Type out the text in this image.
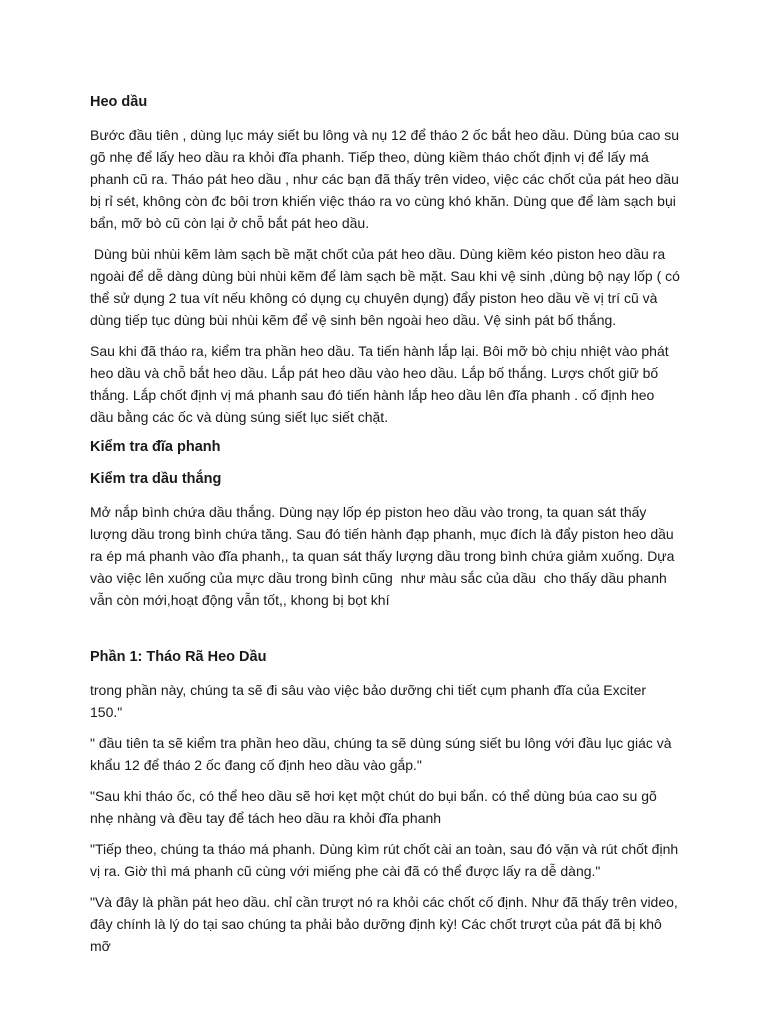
Heo dầu

Bước đầu tiên , dùng lục máy siết bu lông và nụ 12 để tháo 2 ốc bắt heo dầu. Dùng búa cao su gõ nhẹ để lấy heo dầu ra khỏi đĩa phanh. Tiếp theo, dùng kiềm tháo chốt định vị để lấy má phanh cũ ra. Tháo pát heo dầu , như các bạn đã thấy trên video, việc các chốt của pát heo dầu bị rỉ sét, không còn đc bôi trơn khiến việc tháo ra vo cùng khó khăn. Dùng que để làm sạch bụi bẩn, mỡ bò cũ còn lại ở chỗ bắt pát heo dầu.

Dùng bùi nhùi kẽm làm sạch bề mặt chốt của pát heo dầu. Dùng kiềm kéo piston heo dầu ra ngoài để dễ dàng dùng bùi nhùi kẽm để làm sạch bề mặt. Sau khi vệ sinh ,dùng bộ nạy lốp ( có thể sử dụng 2 tua vít nếu không có dụng cụ chuyên dụng) đẩy piston heo dầu về vị trí cũ và dùng tiếp tục dùng bùi nhùi kẽm để vệ sinh bên ngoài heo dầu. Vệ sinh pát bố thắng.

Sau khi đã tháo ra, kiểm tra phần heo dầu. Ta tiến hành lắp lại. Bôi mỡ bò chịu nhiệt vào phát heo dầu và chỗ bắt heo dầu. Lắp pát heo dầu vào heo dầu. Lắp bố thắng. Lượs chốt giữ bố thắng. Lắp chốt định vị má phanh sau đó tiến hành lắp heo dầu lên đĩa phanh . cố định heo dầu bằng các ốc và dùng súng siết lục siết chặt.

Kiểm tra đĩa phanh
Kiểm tra dầu thắng

Mở nắp bình chứa dầu thắng. Dùng nạy lốp ép piston heo dầu vào trong, ta quan sát thấy lượng dầu trong bình chứa tăng. Sau đó tiến hành đạp phanh, mục đích là đẩy piston heo dầu ra ép má phanh vào đĩa phanh,, ta quan sát thấy lượng dầu trong bình chứa giảm xuống. Dựa vào việc lên xuống của mực dầu trong bình cũng  như màu sắc của dầu  cho thấy dầu phanh vẫn còn mới,hoạt động vẫn tốt,, khong bị bọt khí

Phần 1: Tháo Rã Heo Dầu

trong phần này, chúng ta sẽ đi sâu vào việc bảo dưỡng chi tiết cụm phanh đĩa của Exciter 150."

" đầu tiên ta sẽ kiểm tra phần heo dầu, chúng ta sẽ dùng súng siết bu lông với đầu lục giác và khẩu 12 để tháo 2 ốc đang cố định heo dầu vào gắp."

"Sau khi tháo ốc, có thể heo dầu sẽ hơi kẹt một chút do bụi bẩn. có thể dùng búa cao su gõ nhẹ nhàng và đều tay để tách heo dầu ra khỏi đĩa phanh

"Tiếp theo, chúng ta tháo má phanh. Dùng kìm rút chốt cài an toàn, sau đó vặn và rút chốt định vị ra. Giờ thì má phanh cũ cùng với miếng phe cài đã có thể được lấy ra dễ dàng."

"Và đây là phần pát heo dầu. chỉ cần trượt nó ra khỏi các chốt cố định. Như đã thấy trên video, đây chính là lý do tại sao chúng ta phải bảo dưỡng định kỳ! Các chốt trượt của pát đã bị khô mỡ
